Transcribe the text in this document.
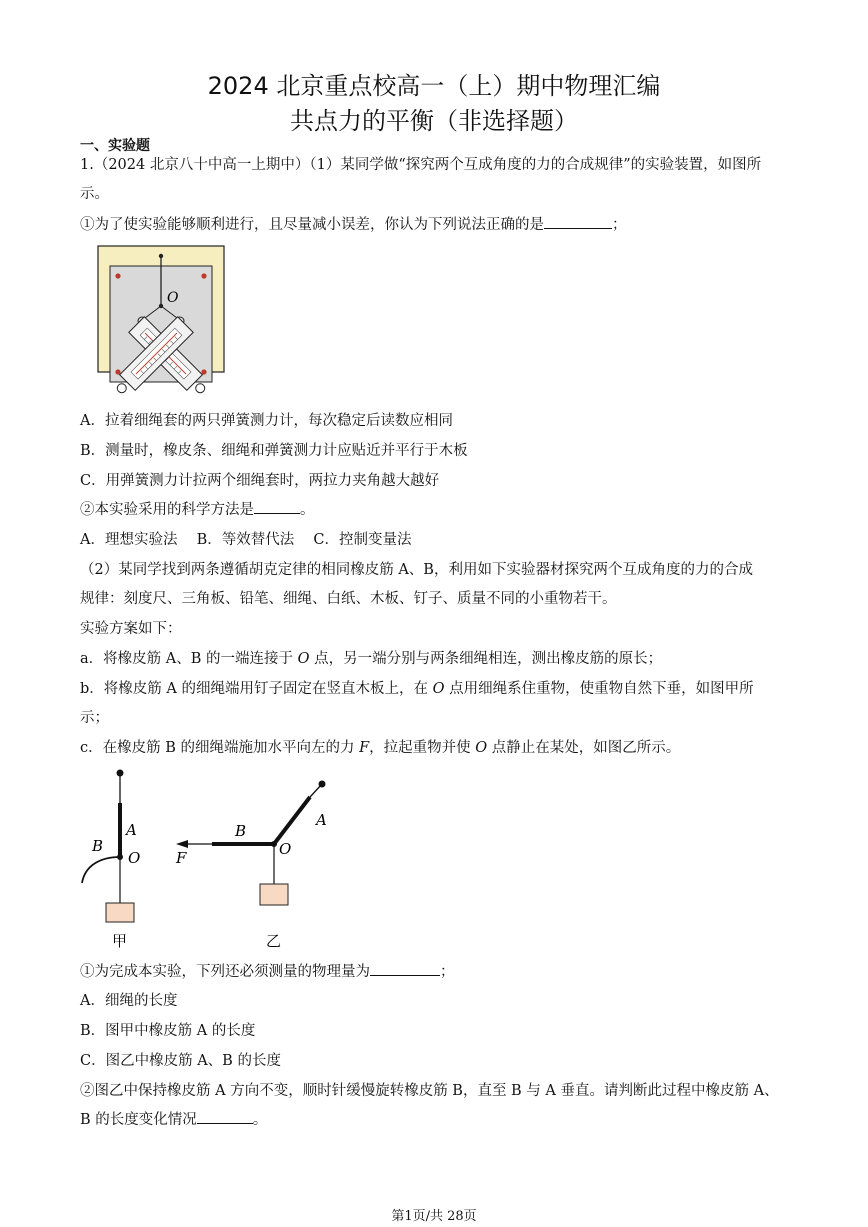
2024 北京重点校高一（上）期中物理汇编
共点力的平衡（非选择题）
一、实验题
1.（2024 北京八十中高一上期中）（1）某同学做“探究两个互成角度的力的合成规律”的实验装置，如图所
示。
①为了使实验能够顺利进行，且尽量减小误差，你认为下列说法正确的是	；
O
A．拉着细绳套的两只弹簧测力计，每次稳定后读数应相同
B．测量时，橡皮条、细绳和弹簧测力计应贴近并平行于木板
C．用弹簧测力计拉两个细绳套时，两拉力夹角越大越好
②本实验采用的科学方法是	。
A．理想实验法　 B．等效替代法　 C．控制变量法
（2）某同学找到两条遵循胡克定律的相同橡皮筋 A、B，利用如下实验器材探究两个互成角度的力的合成
规律：刻度尺、三角板、铅笔、细绳、白纸、木板、钉子、质量不同的小重物若干。
实验方案如下：
a．将橡皮筋 A、B 的一端连接于 O 点，另一端分别与两条细绳相连，测出橡皮筋的原长；
b．将橡皮筋 A 的细绳端用钉子固定在竖直木板上，在 O 点用细绳系住重物，使重物自然下垂，如图甲所
示；
c．在橡皮筋 B 的细绳端施加水平向左的力 F，拉起重物并使 O 点静止在某处，如图乙所示。
A
B
O
甲
A
B
O
F
乙
①为完成本实验，下列还必须测量的物理量为	；
A．细绳的长度
B．图甲中橡皮筋 A 的长度
C．图乙中橡皮筋 A、B 的长度
②图乙中保持橡皮筋 A 方向不变，顺时针缓慢旋转橡皮筋 B，直至 B 与 A 垂直。请判断此过程中橡皮筋 A、
B 的长度变化情况	。
第1页/共 28页
